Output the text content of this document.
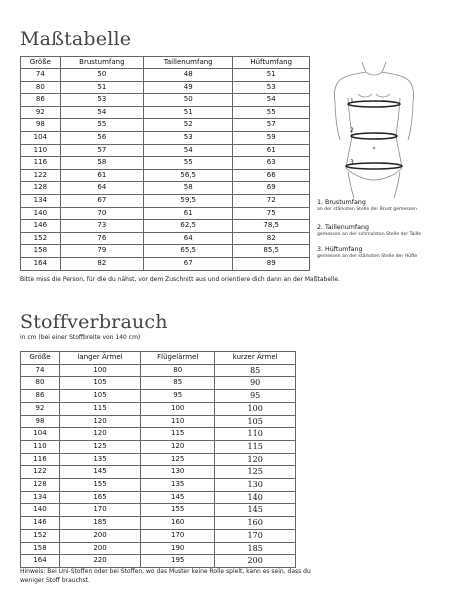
Maßtabelle
Größe	Brustumfang	Taillenumfang	Hüftumfang
74	50	48	51
80	51	49	53
86	53	50	54
92	54	51	55
98	55	52	57
104	56	53	59
110	57	54	61
116	58	55	63
122	61	56,5	66
128	64	58	69
134	67	59,5	72
140	70	61	75
146	73	62,5	78,5
152	76	64	82
158	79	65,5	85,5
164	82	67	89
Bitte miss die Person, für die du nähst, vor dem Zuschnitt aus und orientiere dich dann an der Maßtabelle.
1
2
3
1. Brustumfang
an der stärksten Stelle der Brust gemessen
2. Taillenumfang
gemessen an der schmalsten Stelle der Taille
3. Hüftumfang
gemessen an der stärksten Stelle der Hüfte
Stoffverbrauch
in cm (bei einer Stoffbreite von 140 cm)
Größe	langer Ärmel	Flügelärmel	kurzer Ärmel
74	100	80	85
80	105	85	90
86	105	95	95
92	115	100	100
98	120	110	105
104	120	115	110
110	125	120	115
116	135	125	120
122	145	130	125
128	155	135	130
134	165	145	140
140	170	155	145
146	185	160	160
152	200	170	170
158	200	190	185
164	220	195	200
Hinweis: Bei Uni-Stoffen oder bei Stoffen, wo das Muster keine Rolle spielt, kann es sein, dass du weniger Stoff brauchst.
